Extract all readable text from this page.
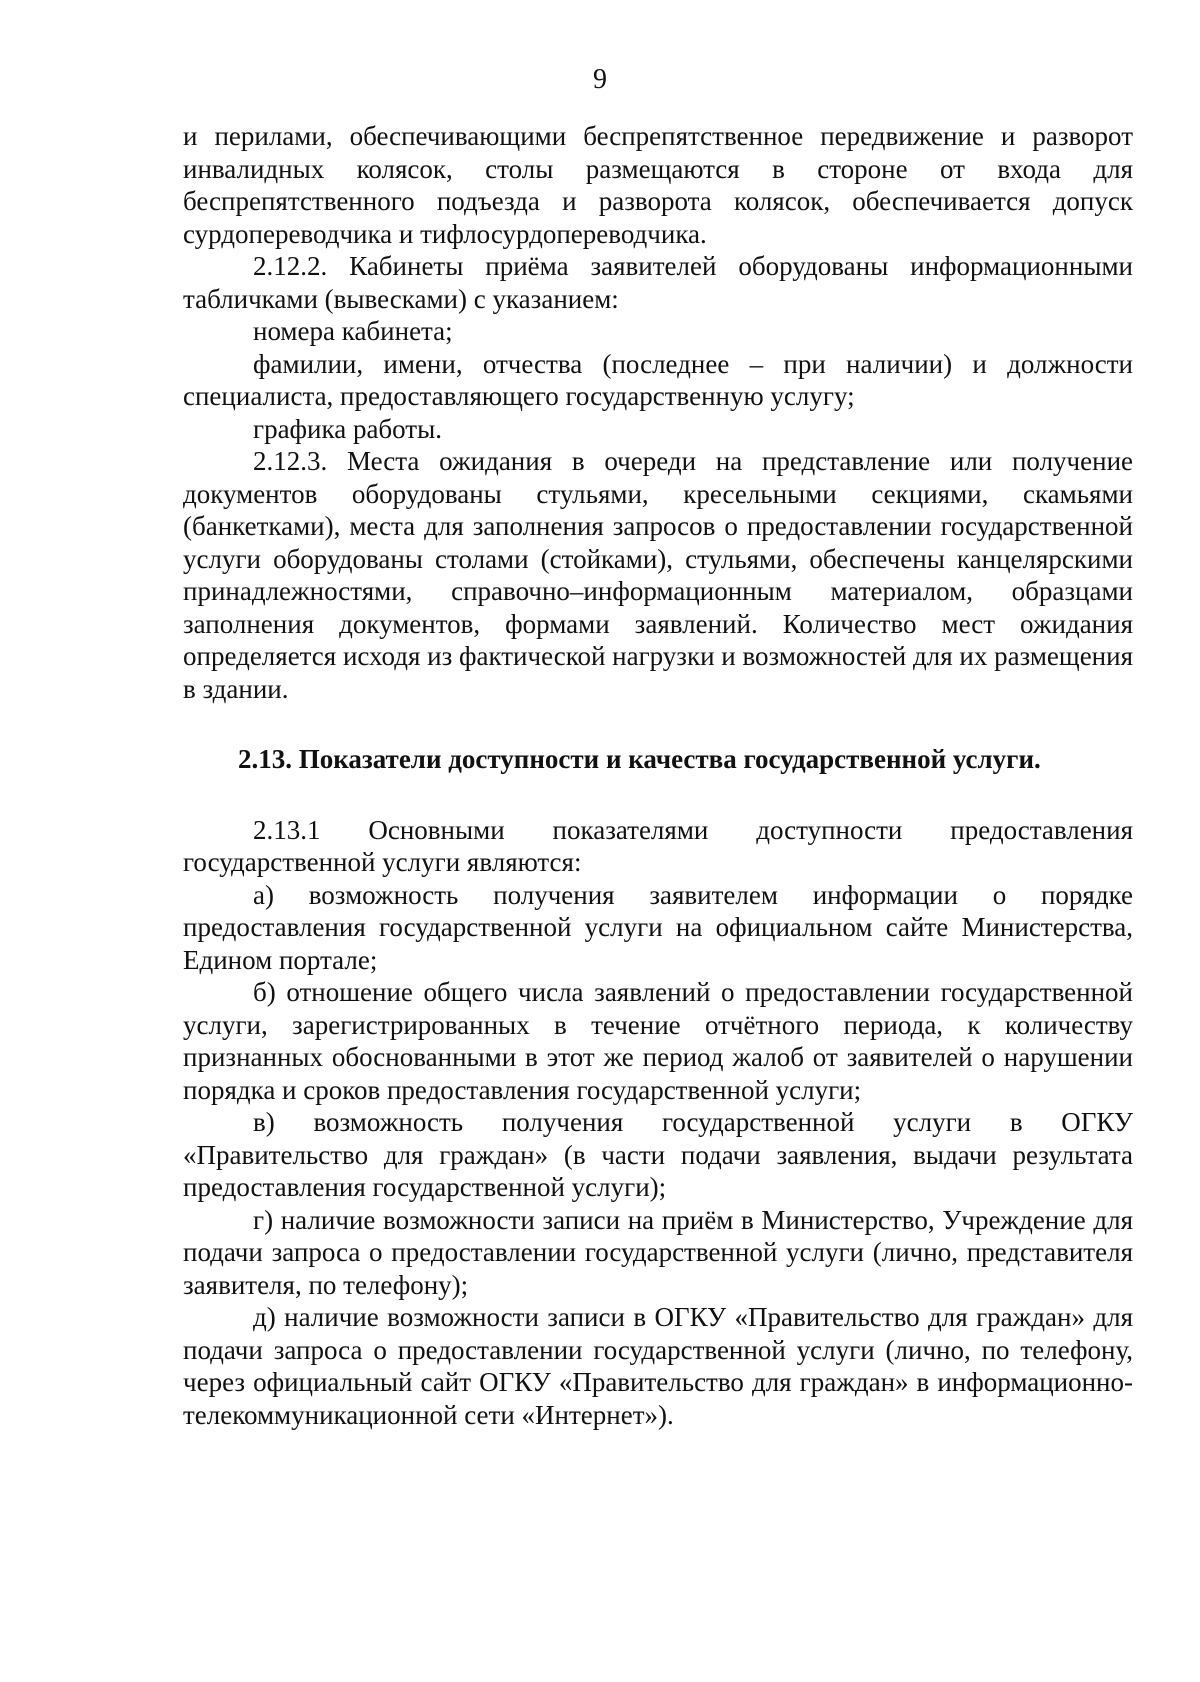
9

и перилами, обеспечивающими беспрепятственное передвижение и разворот инвалидных колясок, столы размещаются в стороне от входа для беспрепятственного подъезда и разворота колясок, обеспечивается допуск сурдопереводчика и тифлосурдопереводчика.

2.12.2. Кабинеты приёма заявителей оборудованы информационными табличками (вывесками) с указанием:

номера кабинета;

фамилии, имени, отчества (последнее – при наличии) и должности специалиста, предоставляющего государственную услугу;

графика работы.

2.12.3. Места ожидания в очереди на представление или получение документов оборудованы стульями, кресельными секциями, скамьями (банкетками), места для заполнения запросов о предоставлении государственной услуги оборудованы столами (стойками), стульями, обеспечены канцелярскими принадлежностями, справочно–информационным материалом, образцами заполнения документов, формами заявлений. Количество мест ожидания определяется исходя из фактической нагрузки и возможностей для их размещения в здании.

2.13. Показатели доступности и качества государственной услуги.

2.13.1 Основными показателями доступности предоставления государственной услуги являются:

а) возможность получения заявителем информации о порядке предоставления государственной услуги на официальном сайте Министерства, Едином портале;

б) отношение общего числа заявлений о предоставлении государственной услуги, зарегистрированных в течение отчётного периода, к количеству признанных обоснованными в этот же период жалоб от заявителей о нарушении порядка и сроков предоставления государственной услуги;

в) возможность получения государственной услуги в ОГКУ «Правительство для граждан» (в части подачи заявления, выдачи результата предоставления государственной услуги);

г) наличие возможности записи на приём в Министерство, Учреждение для подачи запроса о предоставлении государственной услуги (лично, представителя заявителя, по телефону);

д) наличие возможности записи в ОГКУ «Правительство для граждан» для подачи запроса о предоставлении государственной услуги (лично, по телефону, через официальный сайт ОГКУ «Правительство для граждан» в информационно-телекоммуникационной сети «Интернет»).
